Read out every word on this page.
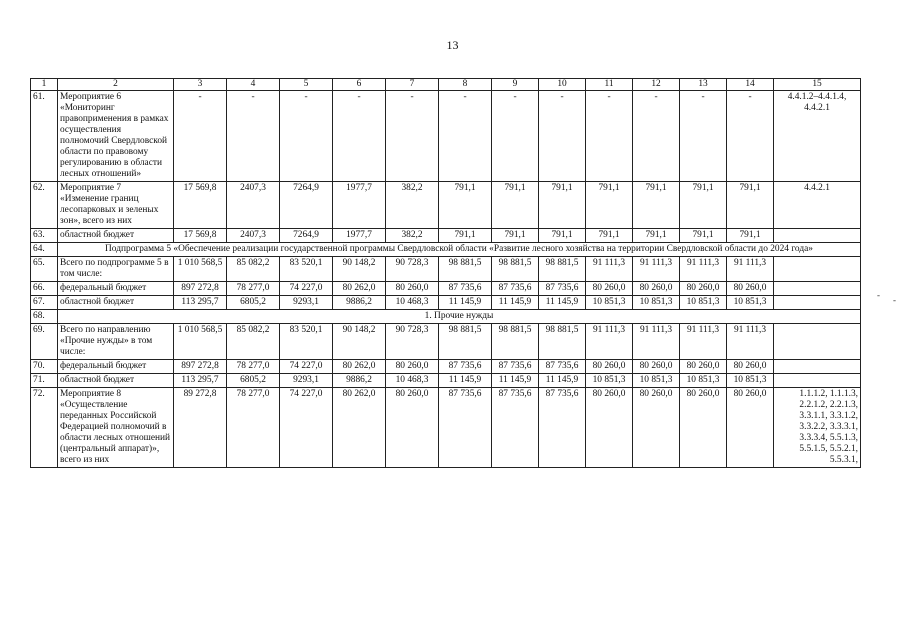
13
1	2	3	4	5	6	7	8	9	10	11	12	13	14	15
61.	Мероприятие 6 «Мониторинг правоприменения в рамках осуществления полномочий Свердловской области по правовому регулированию в области лесных отношений»	-	-	-	-	-	-	-	-	-	-	-	-	4.4.1.2–4.4.1.4, 4.4.2.1
62.	Мероприятие 7 «Изменение границ лесопарковых и зеленых зон», всего из них	17 569,8	2407,3	7264,9	1977,7	382,2	791,1	791,1	791,1	791,1	791,1	791,1	791,1	4.4.2.1
63.	областной бюджет	17 569,8	2407,3	7264,9	1977,7	382,2	791,1	791,1	791,1	791,1	791,1	791,1	791,1	
64.	Подпрограмма 5 «Обеспечение реализации государственной программы Свердловской области «Развитие лесного хозяйства на территории Свердловской области до 2024 года»													
65.	Всего по подпрограмме 5 в том числе:	1 010 568,5	85 082,2	83 520,1	90 148,2	90 728,3	98 881,5	98 881,5	98 881,5	91 111,3	91 111,3	91 111,3	91 111,3	
66.	федеральный бюджет	897 272,8	78 277,0	74 227,0	80 262,0	80 260,0	87 735,6	87 735,6	87 735,6	80 260,0	80 260,0	80 260,0	80 260,0	
67.	областной бюджет	113 295,7	6805,2	9293,1	9886,2	10 468,3	11 145,9	11 145,9	11 145,9	10 851,3	10 851,3	10 851,3	10 851,3	
68.	1. Прочие нужды													
69.	Всего по направлению «Прочие нужды» в том числе:	1 010 568,5	85 082,2	83 520,1	90 148,2	90 728,3	98 881,5	98 881,5	98 881,5	91 111,3	91 111,3	91 111,3	91 111,3	
70.	федеральный бюджет	897 272,8	78 277,0	74 227,0	80 262,0	80 260,0	87 735,6	87 735,6	87 735,6	80 260,0	80 260,0	80 260,0	80 260,0	
71.	областной бюджет	113 295,7	6805,2	9293,1	9886,2	10 468,3	11 145,9	11 145,9	11 145,9	10 851,3	10 851,3	10 851,3	10 851,3	
72.	Мероприятие 8 «Осуществление переданных Российской Федерацией полномочий в области лесных отношений (центральный аппарат)», всего из них	89 272,8	78 277,0	74 227,0	80 262,0	80 260,0	87 735,6	87 735,6	87 735,6	80 260,0	80 260,0	80 260,0	80 260,0	1.1.1.2, 1.1.1.3, 2.2.1.2, 2.2.1.3, 3.3.1.1, 3.3.1.2, 3.3.2.2, 3.3.3.1, 3.3.3.4, 5.5.1.3, 5.5.1.5, 5.5.2.1, 5.5.3.1,
- -
